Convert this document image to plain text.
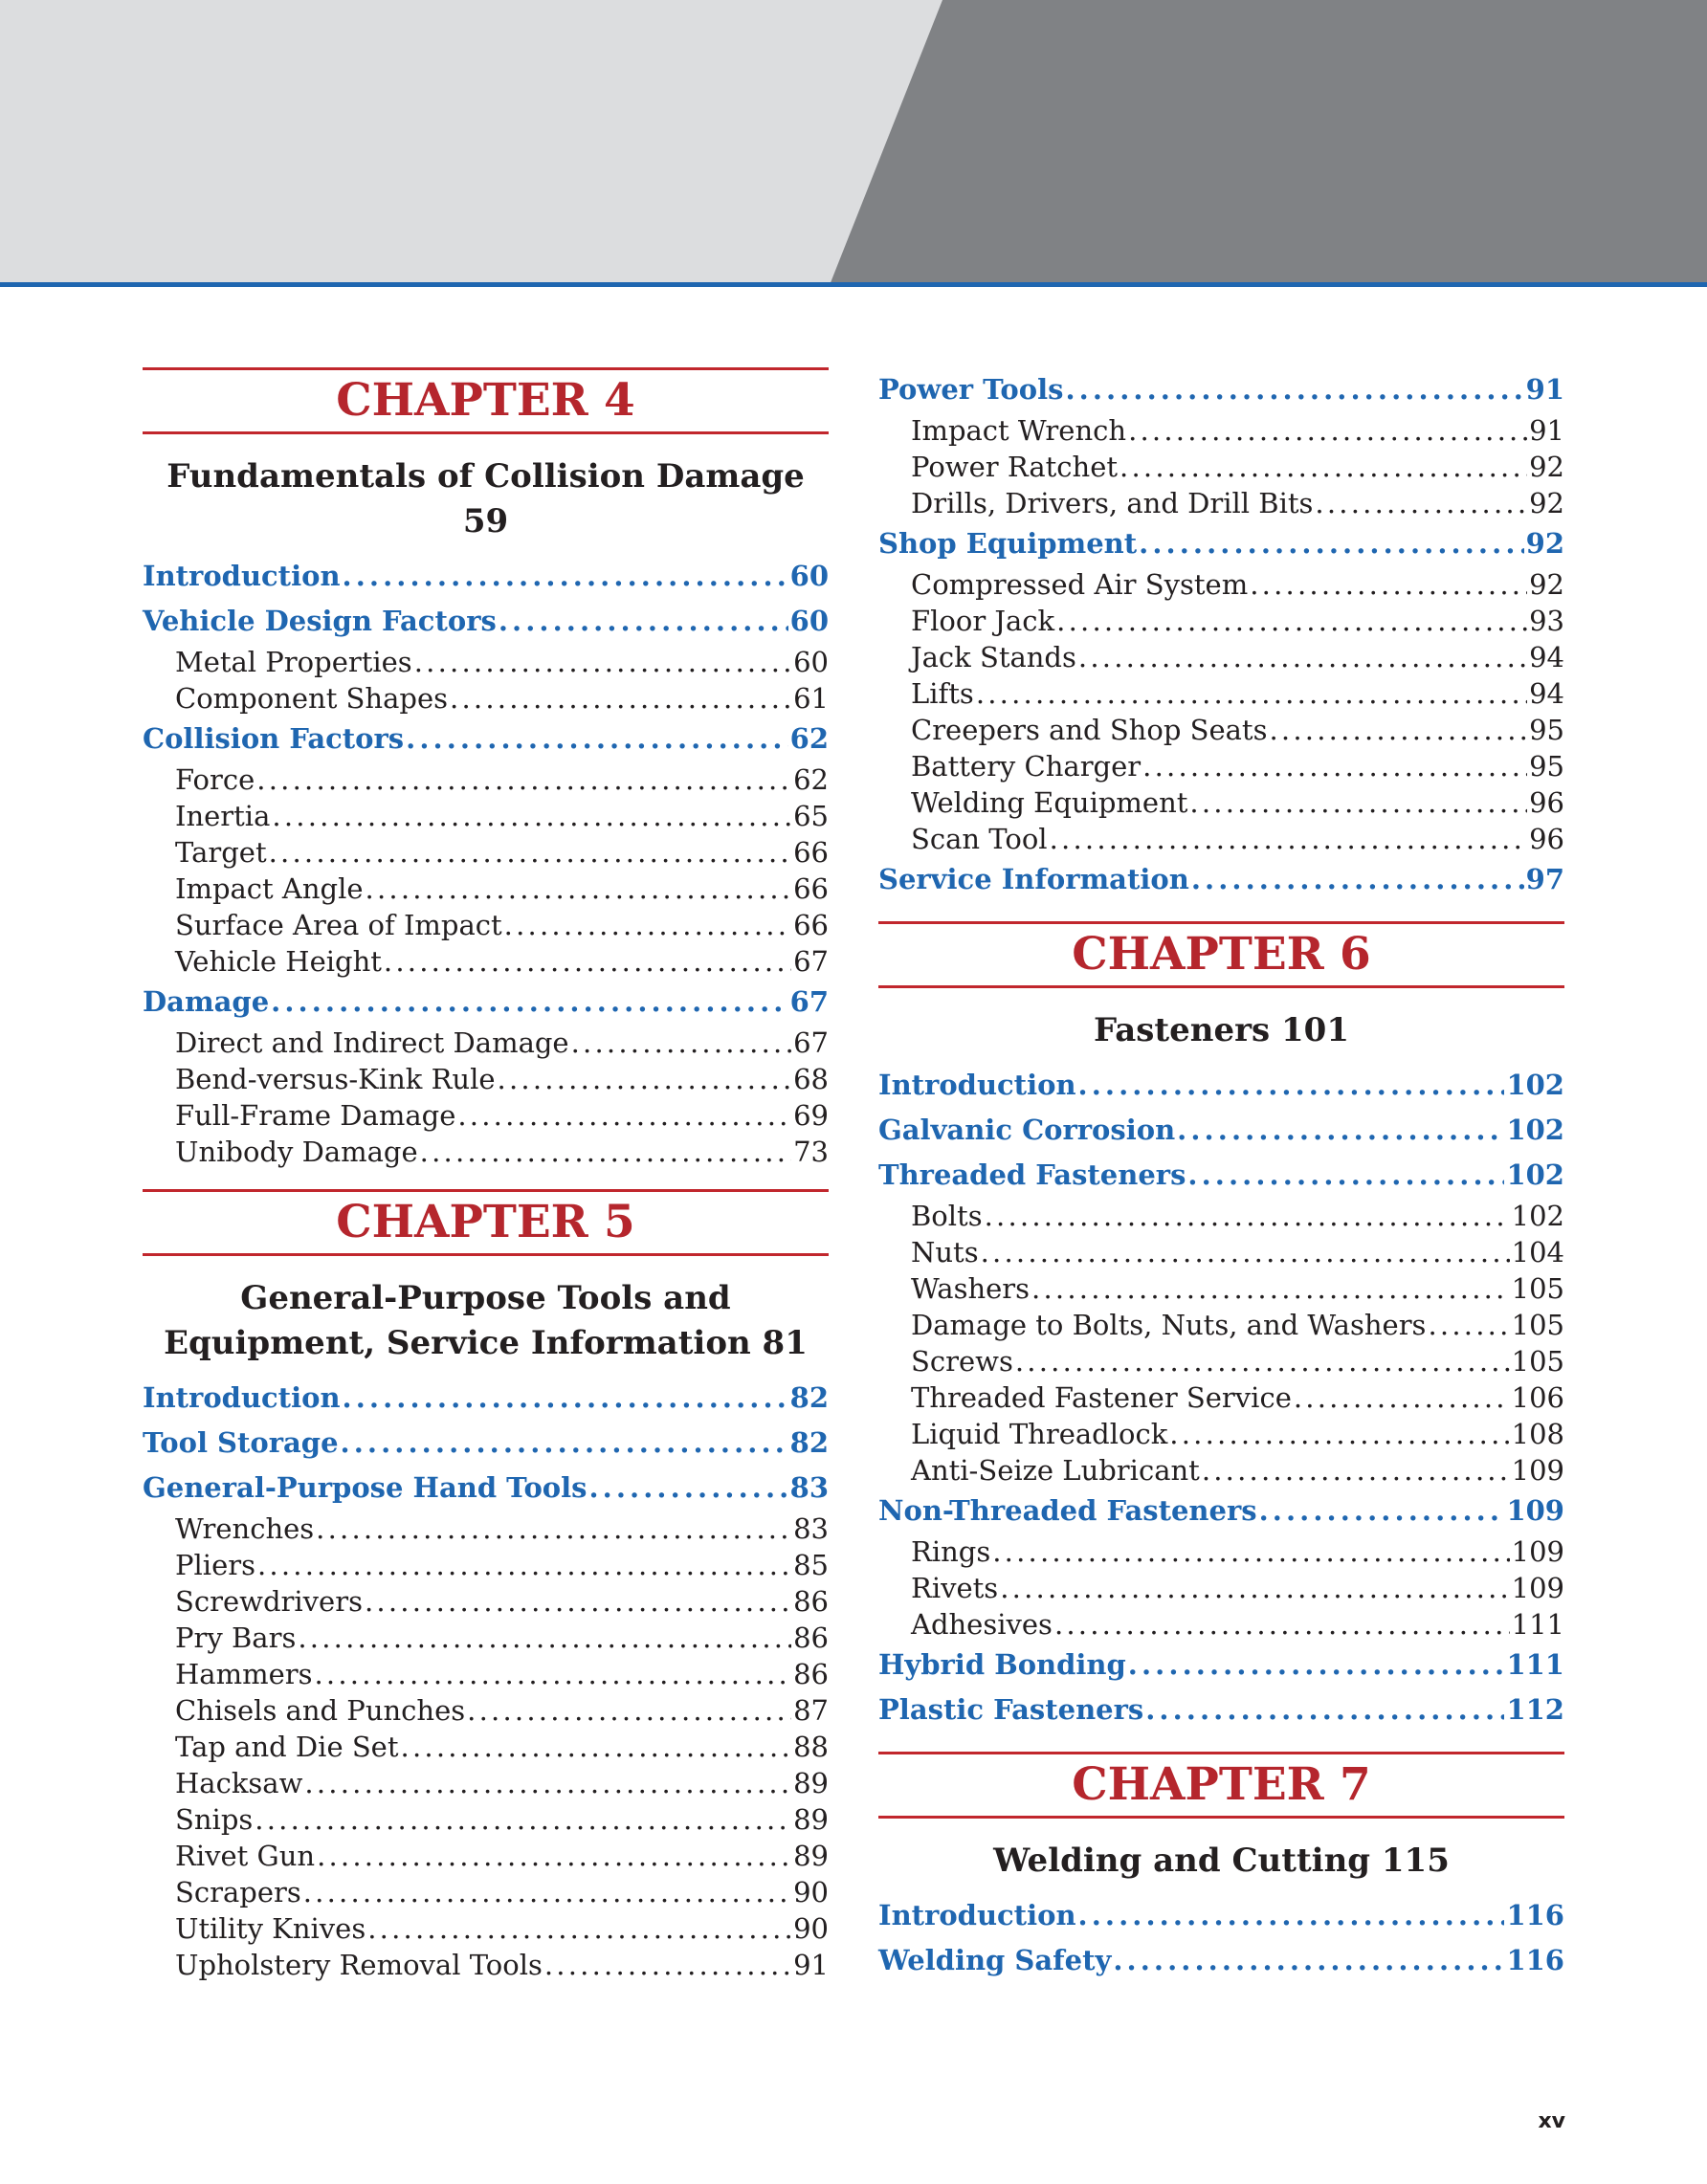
CHAPTER 4
Fundamentals of Collision Damage 59
Introduction . . .	60
Vehicle Design Factors . . .	60
Metal Properties . . .	60
Component Shapes . . .	61
Collision Factors . . .	62
Force . . .	62
Inertia . . .	65
Target . . .	66
Impact Angle . . .	66
Surface Area of Impact . . .	66
Vehicle Height . . .	67
Damage . . .	67
Direct and Indirect Damage . . .	67
Bend-versus-Kink Rule . . .	68
Full-Frame Damage . . .	69
Unibody Damage . . .	73
CHAPTER 5
General-Purpose Tools and
Equipment, Service Information 81
Introduction . . .	82
Tool Storage . . .	82
General-Purpose Hand Tools . . .	83
Wrenches . . .	83
Pliers . . .	85
Screwdrivers . . .	86
Pry Bars . . .	86
Hammers . . .	86
Chisels and Punches . . .	87
Tap and Die Set . . .	88
Hacksaw . . .	89
Snips . . .	89
Rivet Gun . . .	89
Scrapers . . .	90
Utility Knives . . .	90
Upholstery Removal Tools . . .	91
Power Tools . . .	91
Impact Wrench . . .	91
Power Ratchet . . .	92
Drills, Drivers, and Drill Bits . . .	92
Shop Equipment . . .	92
Compressed Air System . . .	92
Floor Jack . . .	93
Jack Stands . . .	94
Lifts . . .	94
Creepers and Shop Seats . . .	95
Battery Charger . . .	95
Welding Equipment . . .	96
Scan Tool . . .	96
Service Information . . .	97
CHAPTER 6
Fasteners 101
Introduction . . .	102
Galvanic Corrosion . . .	102
Threaded Fasteners . . .	102
Bolts . . .	102
Nuts . . .	104
Washers . . .	105
Damage to Bolts, Nuts, and Washers . . .	105
Screws . . .	105
Threaded Fastener Service . . .	106
Liquid Threadlock . . .	108
Anti-Seize Lubricant . . .	109
Non-Threaded Fasteners . . .	109
Rings . . .	109
Rivets . . .	109
Adhesives . . .	111
Hybrid Bonding . . .	111
Plastic Fasteners . . .	112
CHAPTER 7
Welding and Cutting 115
Introduction . . .	116
Welding Safety . . .	116
xv
